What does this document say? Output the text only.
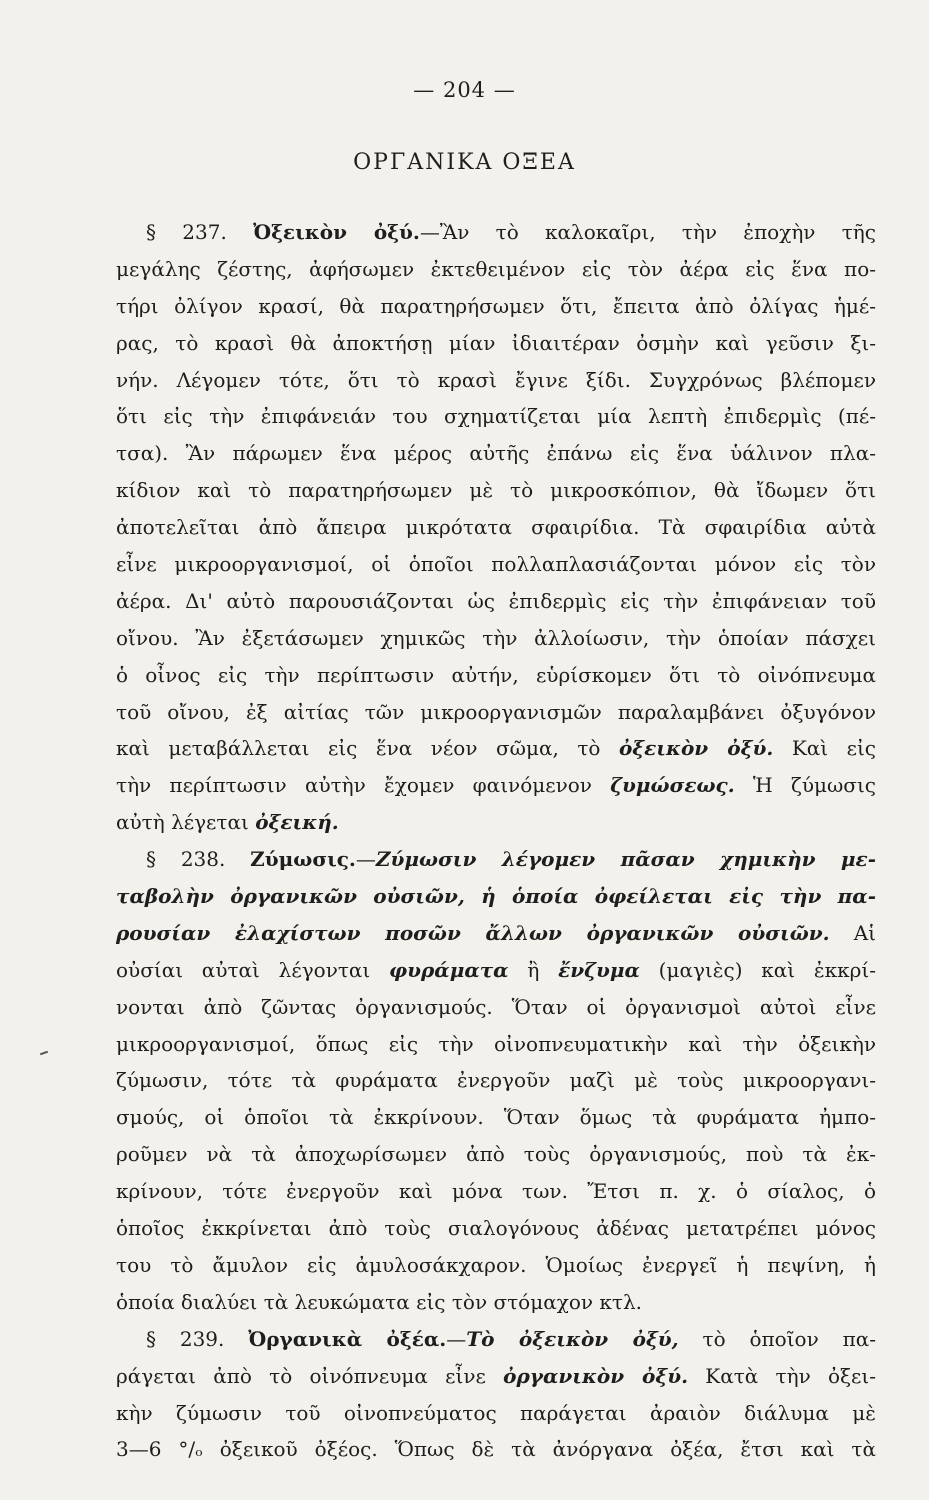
— 204 —
ΟΡΓΑΝΙΚΑ ΟΞΕΑ
§ 237. Ὀξεικὸν ὀξύ.—Ἂν τὸ καλοκαῖρι, τὴν ἐποχὴν τῆς
μεγάλης ζέστης, ἀφήσωμεν ἐκτεθειμένον εἰς τὸν ἀέρα εἰς ἕνα πο-
τήρι ὀλίγον κρασί, θὰ παρατηρήσωμεν ὅτι, ἔπειτα ἀπὸ ὀλίγας ἡμέ-
ρας, τὸ κρασὶ θὰ ἀποκτήσῃ μίαν ἰδιαιτέραν ὀσμὴν καὶ γεῦσιν ξι-
νήν. Λέγομεν τότε, ὅτι τὸ κρασὶ ἔγινε ξίδι. Συγχρόνως βλέπομεν
ὅτι εἰς τὴν ἐπιφάνειάν του σχηματίζεται μία λεπτὴ ἐπιδερμὶς (πέ-
τσα). Ἂν πάρωμεν ἕνα μέρος αὐτῆς ἐπάνω εἰς ἕνα ὑάλινον πλα-
κίδιον καὶ τὸ παρατηρήσωμεν μὲ τὸ μικροσκόπιον, θὰ ἴδωμεν ὅτι
ἀποτελεῖται ἀπὸ ἄπειρα μικρότατα σφαιρίδια. Τὰ σφαιρίδια αὐτὰ
εἶνε μικροοργανισμοί, οἱ ὁποῖοι πολλαπλασιάζονται μόνον εἰς τὸν
ἀέρα. Δι' αὐτὸ παρουσιάζονται ὡς ἐπιδερμὶς εἰς τὴν ἐπιφάνειαν τοῦ
οἴνου. Ἂν ἐξετάσωμεν χημικῶς τὴν ἀλλοίωσιν, τὴν ὁποίαν πάσχει
ὁ οἶνος εἰς τὴν περίπτωσιν αὐτήν, εὑρίσκομεν ὅτι τὸ οἰνόπνευμα
τοῦ οἴνου, ἐξ αἰτίας τῶν μικροοργανισμῶν παραλαμβάνει ὀξυγόνον
καὶ μεταβάλλεται εἰς ἕνα νέον σῶμα, τὸ ὀξεικὸν ὀξύ. Καὶ εἰς
τὴν περίπτωσιν αὐτὴν ἔχομεν φαινόμενον ζυμώσεως. Ἡ ζύμωσις
αὐτὴ λέγεται ὀξεική.
§ 238. Ζύμωσις.—Ζύμωσιν λέγομεν πᾶσαν χημικὴν με-
ταβολὴν ὀργανικῶν οὐσιῶν, ἡ ὁποία ὀφείλεται εἰς τὴν πα-
ρουσίαν ἐλαχίστων ποσῶν ἄλλων ὀργανικῶν οὐσιῶν. Αἱ
οὐσίαι αὐταὶ λέγονται φυράματα ἢ ἔνζυμα (μαγιὲς) καὶ ἐκκρί-
νονται ἀπὸ ζῶντας ὀργανισμούς. Ὅταν οἱ ὀργανισμοὶ αὐτοὶ εἶνε
μικροοργανισμοί, ὅπως εἰς τὴν οἰνοπνευματικὴν καὶ τὴν ὀξεικὴν
ζύμωσιν, τότε τὰ φυράματα ἐνεργοῦν μαζὶ μὲ τοὺς μικροοργανι-
σμούς, οἱ ὁποῖοι τὰ ἐκκρίνουν. Ὅταν ὅμως τὰ φυράματα ἠμπο-
ροῦμεν νὰ τὰ ἀποχωρίσωμεν ἀπὸ τοὺς ὀργανισμούς, ποὺ τὰ ἐκ-
κρίνουν, τότε ἐνεργοῦν καὶ μόνα των. Ἔτσι π. χ. ὁ σίαλος, ὁ
ὁποῖος ἐκκρίνεται ἀπὸ τοὺς σιαλογόνους ἀδένας μετατρέπει μόνος
του τὸ ἄμυλον εἰς ἀμυλοσάκχαρον. Ὁμοίως ἐνεργεῖ ἡ πεψίνη, ἡ
ὁποία διαλύει τὰ λευκώματα εἰς τὸν στόμαχον κτλ.
§ 239. Ὀργανικὰ ὀξέα.—Τὸ ὀξεικὸν ὀξύ, τὸ ὁποῖον πα-
ράγεται ἀπὸ τὸ οἰνόπνευμα εἶνε ὀργανικὸν ὀξύ. Κατὰ τὴν ὀξει-
κὴν ζύμωσιν τοῦ οἰνοπνεύματος παράγεται ἀραιὸν διάλυμα μὲ
3—6 °/ₒ ὀξεικοῦ ὀξέος. Ὅπως δὲ τὰ ἀνόργανα ὀξέα, ἔτσι καὶ τὰ
